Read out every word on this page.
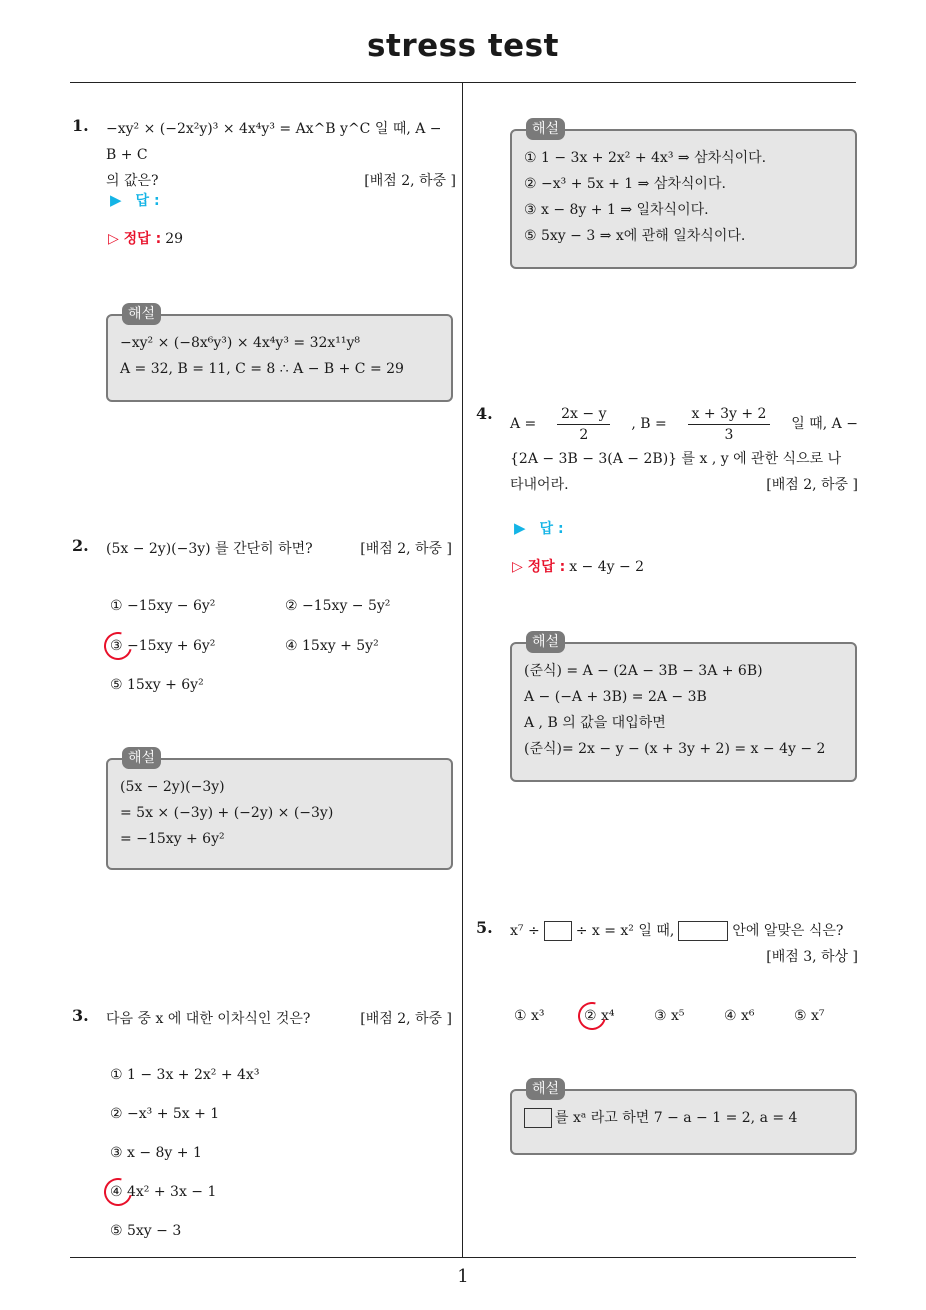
stress test
1
1. −xy² × (−2x²y)³ × 4x⁴y³ = Ax^B y^C 일 때, A − B + C
의 값은?	[배점 2, 하중 ]
▶ 답 :
▷ 정답 : 29
해설
−xy² × (−8x⁶y³) × 4x⁴y³ = 32x¹¹y⁸
A = 32, B = 11, C = 8 ∴ A − B + C = 29
2. (5x − 2y)(−3y) 를 간단히 하면?	[배점 2, 하중 ]
① −15xy − 6y²	② −15xy − 5y²
③ −15xy + 6y²	④ 15xy + 5y²
⑤ 15xy + 6y²
해설
(5x − 2y)(−3y)
= 5x × (−3y) + (−2y) × (−3y)
= −15xy + 6y²
3. 다음 중 x 에 대한 이차식인 것은?	[배점 2, 하중 ]
① 1 − 3x + 2x² + 4x³
② −x³ + 5x + 1
③ x − 8y + 1
④ 4x² + 3x − 1
⑤ 5xy − 3
해설
① 1 − 3x + 2x² + 4x³ ⇒ 삼차식이다.
② −x³ + 5x + 1 ⇒ 삼차식이다.
③ x − 8y + 1 ⇒ 일차식이다.
⑤ 5xy − 3 ⇒ x에 관해 일차식이다.
4.
$A = \frac{2x - y}{2}$ , $B = \frac{x + 3y + 2}{3}$ 일 때, A −
{2A − 3B − 3(A − 2B)} 를 x , y 에 관한 식으로 나
타내어라.	[배점 2, 하중 ]
▶ 답 :
▷ 정답 : x − 4y − 2
해설
(준식) = A − (2A − 3B − 3A + 6B)
A − (−A + 3B) = 2A − 3B
A , B 의 값을 대입하면
(준식)= 2x − y − (x + 3y + 2) = x − 4y − 2
5. x⁷ ÷	÷ x = x² 일 때,	안에 알맞은 식은?
[배점 3, 하상 ]
① x³	② x⁴	③ x⁵	④ x⁶	⑤ x⁷
해설
를 xᵃ 라고 하면 7 − a − 1 = 2, a = 4
